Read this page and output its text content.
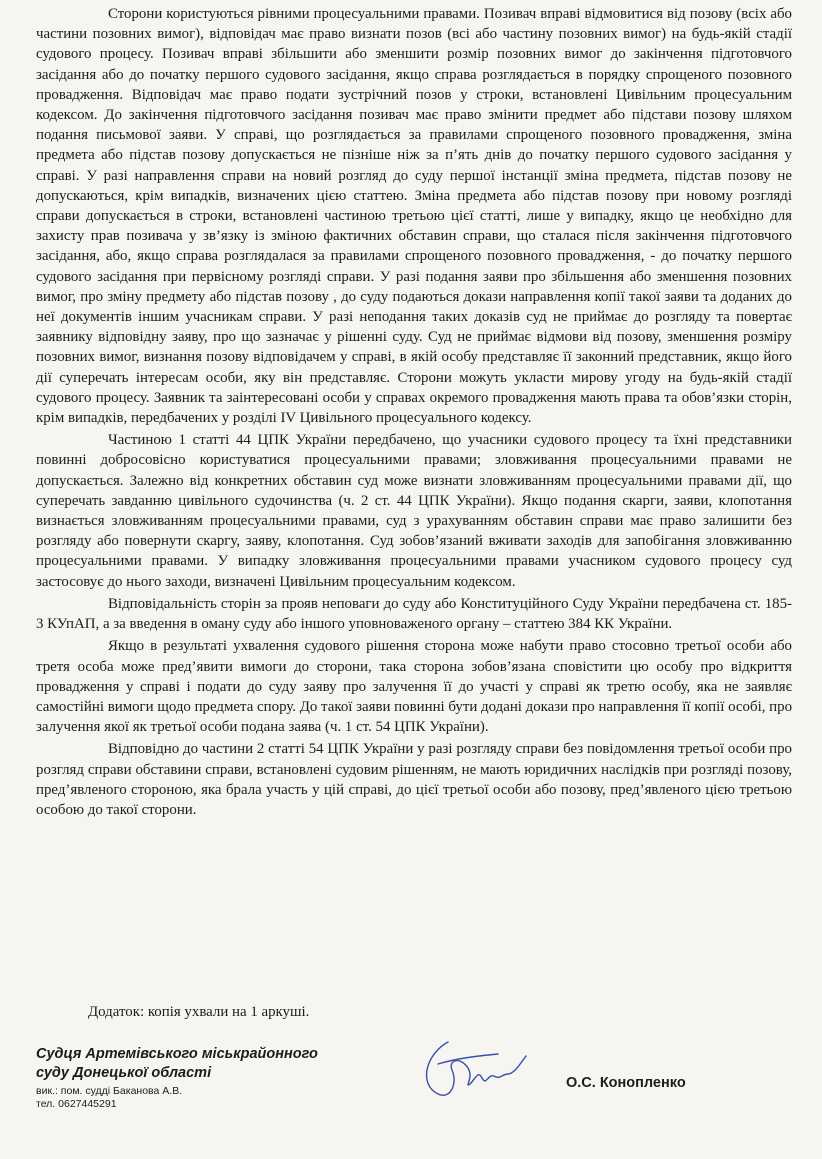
Сторони користуються рівними процесуальними правами. Позивач вправі відмовитися від позову (всіх або частини позовних вимог), відповідач має право визнати позов (всі або частину позовних вимог) на будь-якій стадії судового процесу. Позивач вправі збільшити або зменшити розмір позовних вимог до закінчення підготовчого засідання або до початку першого судового засідання, якщо справа розглядається в порядку спрощеного позовного провадження. Відповідач має право подати зустрічний позов у строки, встановлені Цивільним процесуальним кодексом. До закінчення підготовчого засідання позивач має право змінити предмет або підстави позову шляхом подання письмової заяви. У справі, що розглядається за правилами спрощеного позовного провадження, зміна предмета або підстав позову допускається не пізніше ніж за п’ять днів до початку першого судового засідання у справі. У разі направлення справи на новий розгляд до суду першої інстанції зміна предмета, підстав позову не допускаються, крім випадків, визначених цією статтею. Зміна предмета або підстав позову при новому розгляді справи допускається в строки, встановлені частиною третьою цієї статті, лише у випадку, якщо це необхідно для захисту прав позивача у зв’язку із зміною фактичних обставин справи, що сталася після закінчення підготовчого засідання, або, якщо справа розглядалася за правилами спрощеного позовного провадження, - до початку першого судового засідання при первісному розгляді справи. У разі подання заяви про збільшення або зменшення позовних вимог, про зміну предмету або підстав позову , до суду подаються докази направлення копії такої заяви та доданих до неї документів іншим учасникам справи. У разі неподання таких доказів суд не приймає до розгляду та повертає заявнику відповідну заяву, про що зазначає у рішенні суду. Суд не приймає відмови від позову, зменшення розміру позовних вимог, визнання позову відповідачем у справі, в якій особу представляє її законний представник, якщо його дії суперечать інтересам особи, яку він представляє. Сторони можуть укласти мирову угоду на будь-якій стадії судового процесу. Заявник та заінтересовані особи у справах окремого провадження мають права та обов’язки сторін, крім випадків, передбачених у розділі IV Цивільного процесуального кодексу.

Частиною 1 статті 44 ЦПК України передбачено, що учасники судового процесу та їхні представники повинні добросовісно користуватися процесуальними правами; зловживання процесуальними правами не допускається. Залежно від конкретних обставин суд може визнати зловживанням процесуальними правами дії, що суперечать завданню цивільного судочинства (ч. 2 ст. 44 ЦПК України). Якщо подання скарги, заяви, клопотання визнається зловживанням процесуальними правами, суд з урахуванням обставин справи має право залишити без розгляду або повернути скаргу, заяву, клопотання. Суд зобов’язаний вживати заходів для запобігання зловживанню процесуальними правами. У випадку зловживання процесуальними правами учасником судового процесу суд застосовує до нього заходи, визначені Цивільним процесуальним кодексом.

Відповідальність сторін за прояв неповаги до суду або Конституційного Суду України передбачена ст. 185-3 КУпАП, а за введення в оману суду або іншого уповноваженого органу – статтею 384 КК України.

Якщо в результаті ухвалення судового рішення сторона може набути право стосовно третьої особи або третя особа може пред’явити вимоги до сторони, така сторона зобов’язана сповістити цю особу про відкриття провадження у справі і подати до суду заяву про залучення її до участі у справі як третю особу, яка не заявляє самостійні вимоги щодо предмета спору. До такої заяви повинні бути додані докази про направлення її копії особі, про залучення якої як третьої особи подана заява (ч. 1 ст. 54 ЦПК України).

Відповідно до частини 2 статті 54 ЦПК України у разі розгляду справи без повідомлення третьої особи про розгляд справи обставини справи, встановлені судовим рішенням, не мають юридичних наслідків при розгляді позову, пред’явленого стороною, яка брала участь у цій справі, до цієї третьої особи або позову, пред’явленого цією третьою особою до такої сторони.

Додаток: копія ухвали на 1 аркуші.

Судця Артемівського міськрайонного

суду Донецької області

вик.: пом. судді Баканова А.В.

тел. 0627445291

О.С. Конопленко
